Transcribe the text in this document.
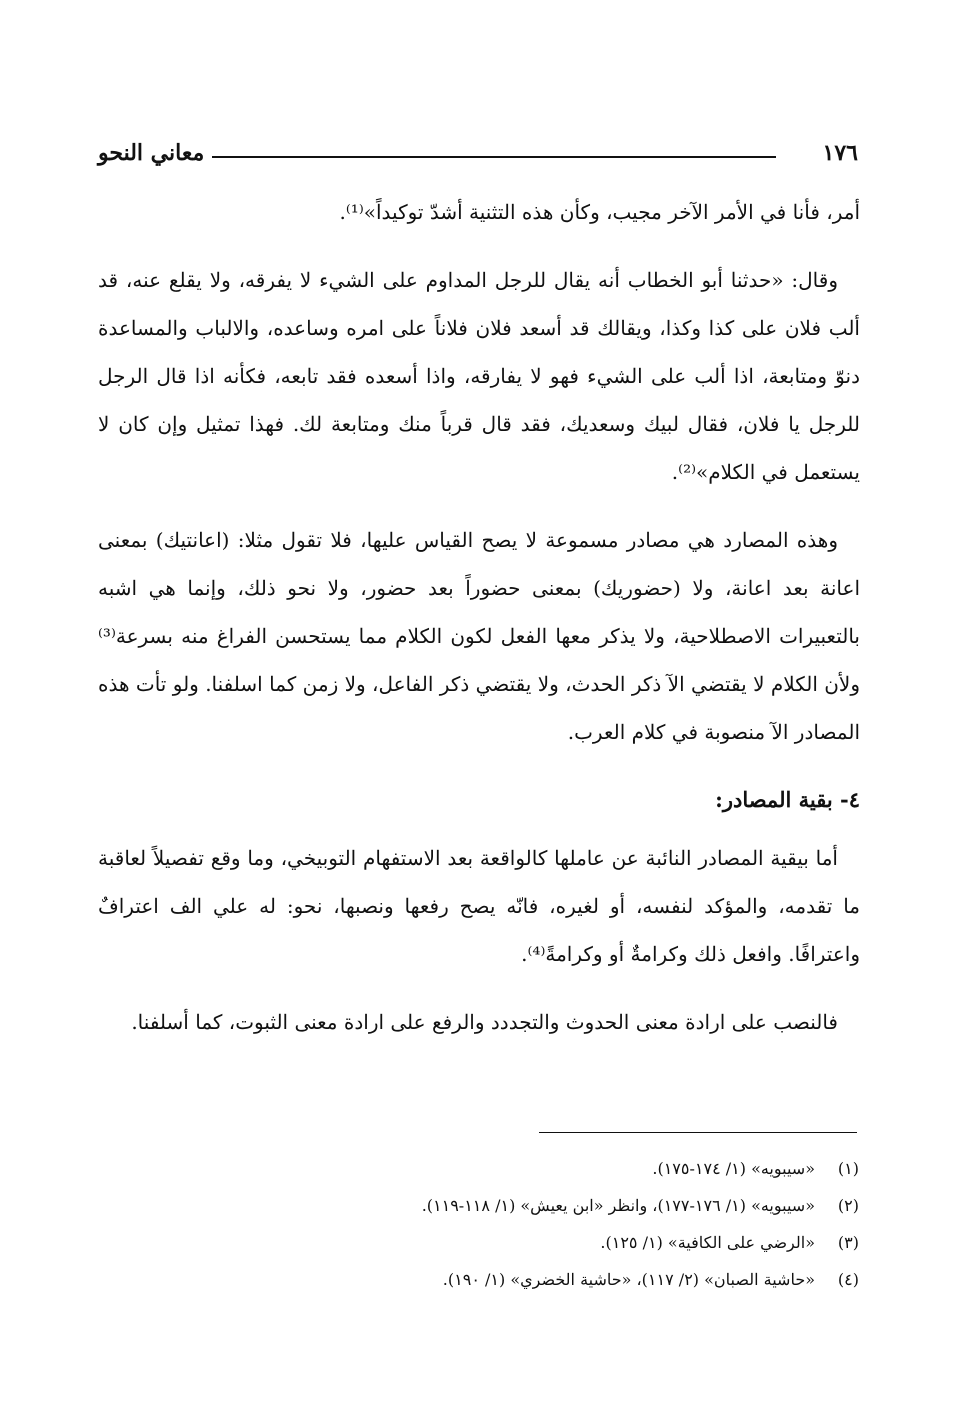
١٧٦
معاني النحو

أمر، فأنا في الأمر الآخر مجيب، وكأن هذه التثنية أشدّ توكيداً»⁽¹⁾.

وقال: «حدثنا أبو الخطاب أنه يقال للرجل المداوم على الشيء لا يفرقه، ولا يقلع عنه، قد ألب فلان على كذا وكذا، ويقالك قد أسعد فلان فلاناً على امره وساعده، والالباب والمساعدة دنوّ ومتابعة، اذا ألب على الشيء فهو لا يفارقه، واذا أسعده فقد تابعه، فكأنه اذا قال الرجل للرجل يا فلان، فقال لبيك وسعديك، فقد قال قرباً منك ومتابعة لك. فهذا تمثيل وإن كان لا يستعمل في الكلام»⁽²⁾.

وهذه المصارد هي مصادر مسموعة لا يصح القياس عليها، فلا تقول مثلا: (اعانتيك) بمعنى اعانة بعد اعانة، ولا (حضوريك) بمعنى حضوراً بعد حضور، ولا نحو ذلك، وإنما هي اشبه بالتعبيرات الاصطلاحية، ولا يذكر معها الفعل لكون الكلام مما يستحسن الفراغ منه بسرعة⁽³⁾ ولأن الكلام لا يقتضي الآ ذكر الحدث، ولا يقتضي ذكر الفاعل، ولا زمن كما اسلفنا. ولو تأت هذه المصادر الآ منصوبة في كلام العرب.

٤- بقية المصادر:

أما بيقية المصادر النائبة عن عاملها كالواقعة بعد الاستفهام التوبيخي، وما وقع تفصيلاً لعاقبة ما تقدمه، والمؤكد لنفسه، أو لغيره، فانّه يصح رفعها ونصبها، نحو: له علي الف اعترافٌ واعترافًا. وافعل ذلك وكرامةٌ أو وكرامةً⁽⁴⁾.

فالنصب على ارادة معنى الحدوث والتجددد والرفع على ارادة معنى الثبوت، كما أسلفنا.

(١)«سيبويه» (١/ ١٧٤-١٧٥).
(٢)«سيبويه» (١/ ١٧٦-١٧٧)، وانظر «ابن يعيش» (١/ ١١٨-١١٩).
(٣)«الرضي على الكافية» (١/ ١٢٥).
(٤)«حاشية الصبان» (٢/ ١١٧)، «حاشية الخضري» (١/ ١٩٠).
